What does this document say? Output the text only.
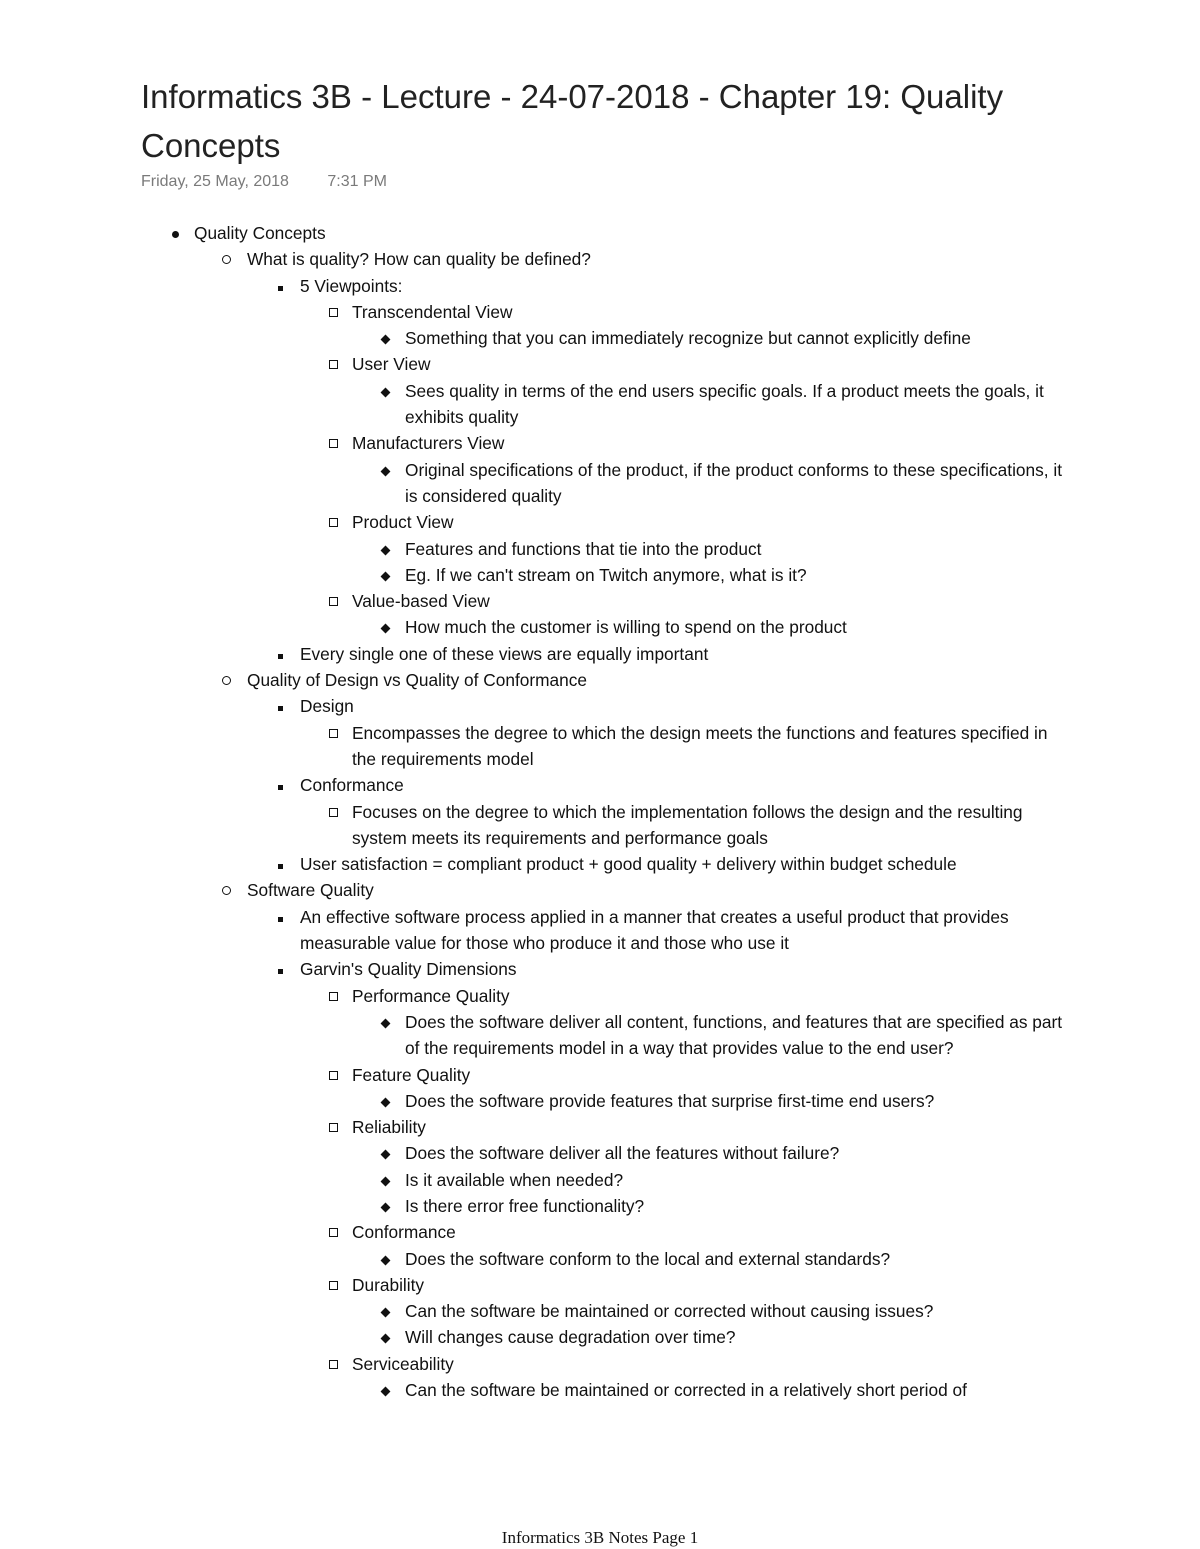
Informatics 3B - Lecture - 24-07-2018 - Chapter 19: Quality Concepts
Friday, 25 May, 2018 7:31 PM
Quality Concepts
What is quality? How can quality be defined?
5 Viewpoints:
Transcendental View
Something that you can immediately recognize but cannot explicitly define
User View
Sees quality in terms of the end users specific goals. If a product meets the goals, it exhibits quality
Manufacturers View
Original specifications of the product, if the product conforms to these specifications, it is considered quality
Product View
Features and functions that tie into the product
Eg. If we can't stream on Twitch anymore, what is it?
Value-based View
How much the customer is willing to spend on the product
Every single one of these views are equally important
Quality of Design vs Quality of Conformance
Design
Encompasses the degree to which the design meets the functions and features specified in the requirements model
Conformance
Focuses on the degree to which the implementation follows the design and the resulting system meets its requirements and performance goals
User satisfaction = compliant product + good quality + delivery within budget schedule
Software Quality
An effective software process applied in a manner that creates a useful product that provides measurable value for those who produce it and those who use it
Garvin's Quality Dimensions
Performance Quality
Does the software deliver all content, functions, and features that are specified as part of the requirements model in a way that provides value to the end user?
Feature Quality
Does the software provide features that surprise first-time end users?
Reliability
Does the software deliver all the features without failure?
Is it available when needed?
Is there error free functionality?
Conformance
Does the software conform to the local and external standards?
Durability
Can the software be maintained or corrected without causing issues?
Will changes cause degradation over time?
Serviceability
Can the software be maintained or corrected in a relatively short period of
Informatics 3B Notes Page 1
